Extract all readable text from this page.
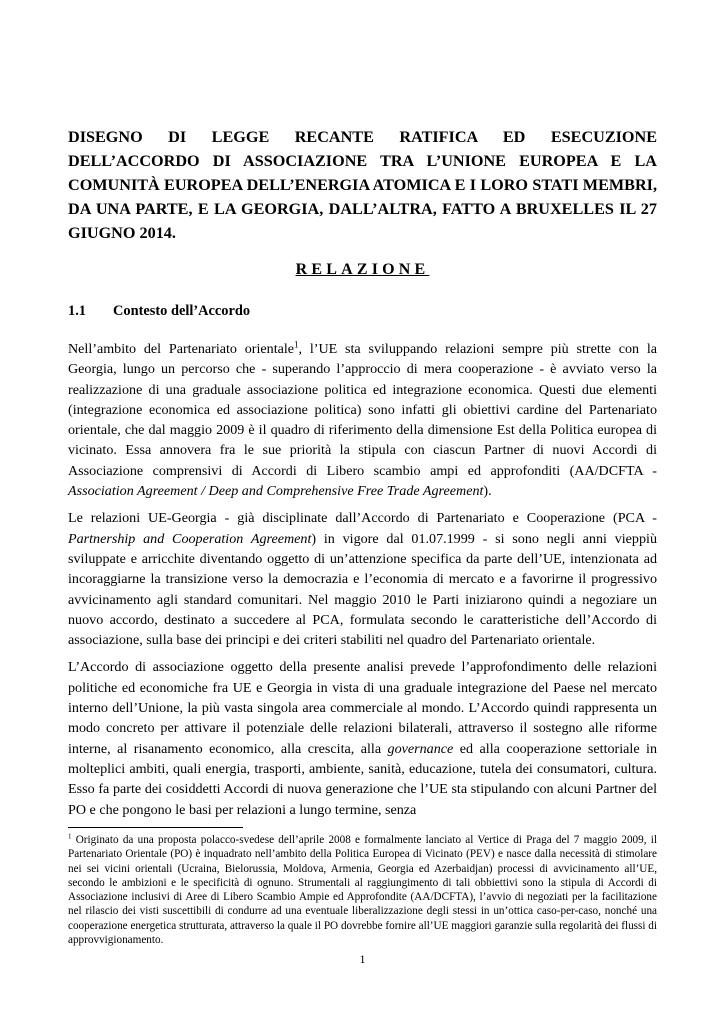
DISEGNO DI LEGGE RECANTE RATIFICA ED ESECUZIONE DELL’ACCORDO DI ASSOCIAZIONE TRA L’UNIONE EUROPEA E LA COMUNITÀ EUROPEA DELL’ENERGIA ATOMICA E I LORO STATI MEMBRI, DA UNA PARTE, E LA GEORGIA, DALL’ALTRA, FATTO A BRUXELLES IL 27 GIUGNO 2014.
RELAZIONE
1.1 Contesto dell’Accordo

Nell’ambito del Partenariato orientale$^1$, l’UE sta sviluppando relazioni sempre più strette con la Georgia, lungo un percorso che - superando l’approccio di mera cooperazione - è avviato verso la realizzazione di una graduale associazione politica ed integrazione economica. Questi due elementi (integrazione economica ed associazione politica) sono infatti gli obiettivi cardine del Partenariato orientale, che dal maggio 2009 è il quadro di riferimento della dimensione Est della Politica europea di vicinato. Essa annovera fra le sue priorità la stipula con ciascun Partner di nuovi Accordi di Associazione comprensivi di Accordi di Libero scambio ampi ed approfonditi (AA/DCFTA - Association Agreement / Deep and Comprehensive Free Trade Agreement).

Le relazioni UE-Georgia - già disciplinate dall’Accordo di Partenariato e Cooperazione (PCA - Partnership and Cooperation Agreement) in vigore dal 01.07.1999 - si sono negli anni vieppiù sviluppate e arricchite diventando oggetto di un’attenzione specifica da parte dell’UE, intenzionata ad incoraggiarne la transizione verso la democrazia e l’economia di mercato e a favorirne il progressivo avvicinamento agli standard comunitari. Nel maggio 2010 le Parti iniziarono quindi a negoziare un nuovo accordo, destinato a succedere al PCA, formulata secondo le caratteristiche dell’Accordo di associazione, sulla base dei principi e dei criteri stabiliti nel quadro del Partenariato orientale.

L’Accordo di associazione oggetto della presente analisi prevede l’approfondimento delle relazioni politiche ed economiche fra UE e Georgia in vista di una graduale integrazione del Paese nel mercato interno dell’Unione, la più vasta singola area commerciale al mondo. L’Accordo quindi rappresenta un modo concreto per attivare il potenziale delle relazioni bilaterali, attraverso il sostegno alle riforme interne, al risanamento economico, alla crescita, alla governance ed alla cooperazione settoriale in molteplici ambiti, quali energia, trasporti, ambiente, sanità, educazione, tutela dei consumatori, cultura. Esso fa parte dei cosiddetti Accordi di nuova generazione che l’UE sta stipulando con alcuni Partner del PO e che pongono le basi per relazioni a lungo termine, senza

$^1$ Originato da una proposta polacco-svedese dell’aprile 2008 e formalmente lanciato al Vertice di Praga del 7 maggio 2009, il Partenariato Orientale (PO) è inquadrato nell’ambito della Politica Europea di Vicinato (PEV) e nasce dalla necessità di stimolare nei sei vicini orientali (Ucraina, Bielorussia, Moldova, Armenia, Georgia ed Azerbaidjan) processi di avvicinamento all’UE, secondo le ambizioni e le specificità di ognuno. Strumentali al raggiungimento di tali obbiettivi sono la stipula di Accordi di Associazione inclusivi di Aree di Libero Scambio Ampie ed Approfondite (AA/DCFTA), l’avvio di negoziati per la facilitazione nel rilascio dei visti suscettibili di condurre ad una eventuale liberalizzazione degli stessi in un’ottica caso-per-caso, nonché una cooperazione energetica strutturata, attraverso la quale il PO dovrebbe fornire all’UE maggiori garanzie sulla regolarità dei flussi di approvvigionamento.
1
